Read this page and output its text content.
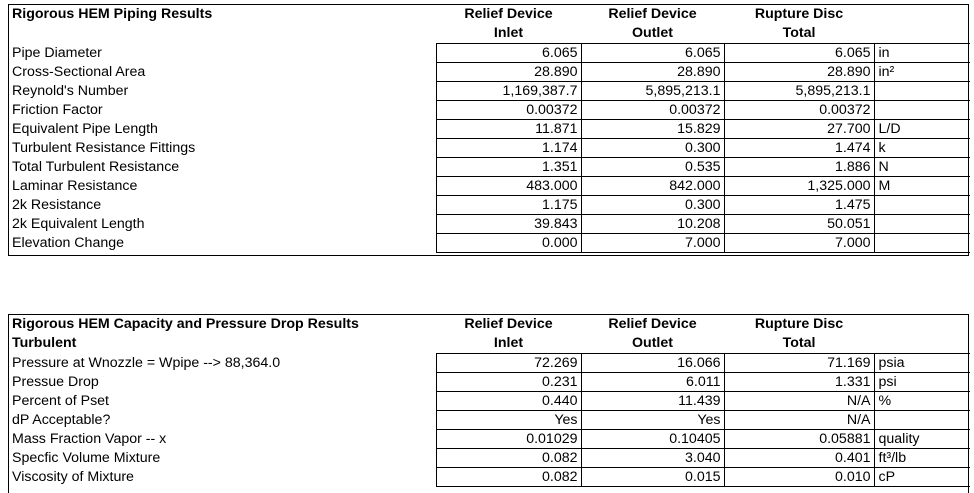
Rigorous HEM Piping Results	Relief Device	Relief Device	Rupture Disc	
	Inlet	Outlet	Total	
Pipe Diameter	6.065	6.065	6.065	in
Cross-Sectional Area	28.890	28.890	28.890	in²
Reynold's Number	1,169,387.7	5,895,213.1	5,895,213.1	
Friction Factor	0.00372	0.00372	0.00372	
Equivalent Pipe Length	11.871	15.829	27.700	L/D
Turbulent Resistance Fittings	1.174	0.300	1.474	k
Total Turbulent Resistance	1.351	0.535	1.886	N
Laminar Resistance	483.000	842.000	1,325.000	M
2k Resistance	1.175	0.300	1.475	
2k Equivalent Length	39.843	10.208	50.051	
Elevation Change	0.000	7.000	7.000	
Rigorous HEM Capacity and Pressure Drop Results	Relief Device	Relief Device	Rupture Disc	
Turbulent	Inlet	Outlet	Total	
Pressure at Wnozzle = Wpipe --> 88,364.0	72.269	16.066	71.169	psia
Pressue Drop	0.231	6.011	1.331	psi
Percent of Pset	0.440	11.439	N/A	%
dP Acceptable?	Yes	Yes	N/A	
Mass Fraction Vapor -- x	0.01029	0.10405	0.05881	quality
Specfic Volume Mixture	0.082	3.040	0.401	ft³/lb
Viscosity of Mixture	0.082	0.015	0.010	cP
